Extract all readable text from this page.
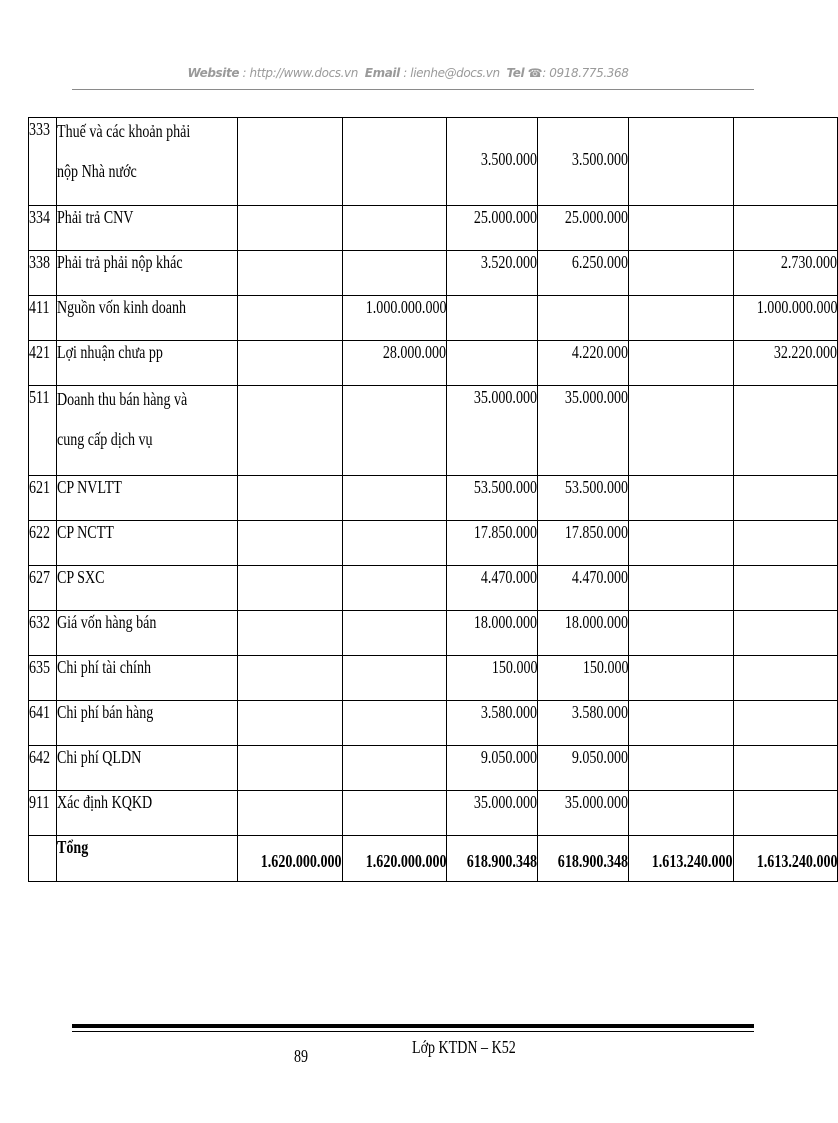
Website : http://www.docs.vn Email : lienhe@docs.vn Tel ☎: 0918.775.368
333	Thuế và các khoản phải nộp Nhà nước			3.500.000	3.500.000		
334	Phải trả CNV			25.000.000	25.000.000		
338	Phải trả phải nộp khác			3.520.000	6.250.000		2.730.000
411	Nguồn vốn kinh doanh		1.000.000.000				1.000.000.000
421	Lợi nhuận chưa pp		28.000.000		4.220.000		32.220.000
511	Doanh thu bán hàng và cung cấp dịch vụ			35.000.000	35.000.000		
621	CP NVLTT			53.500.000	53.500.000		
622	CP NCTT			17.850.000	17.850.000		
627	CP SXC			4.470.000	4.470.000		
632	Giá vốn hàng bán			18.000.000	18.000.000		
635	Chi phí tài chính			150.000	150.000		
641	Chi phí bán hàng			3.580.000	3.580.000		
642	Chi phí QLDN			9.050.000	9.050.000		
911	Xác định KQKD			35.000.000	35.000.000		
	Tổng	1.620.000.000	1.620.000.000	618.900.348	618.900.348	1.613.240.000	1.613.240.000
89	Lớp KTDN – K52
